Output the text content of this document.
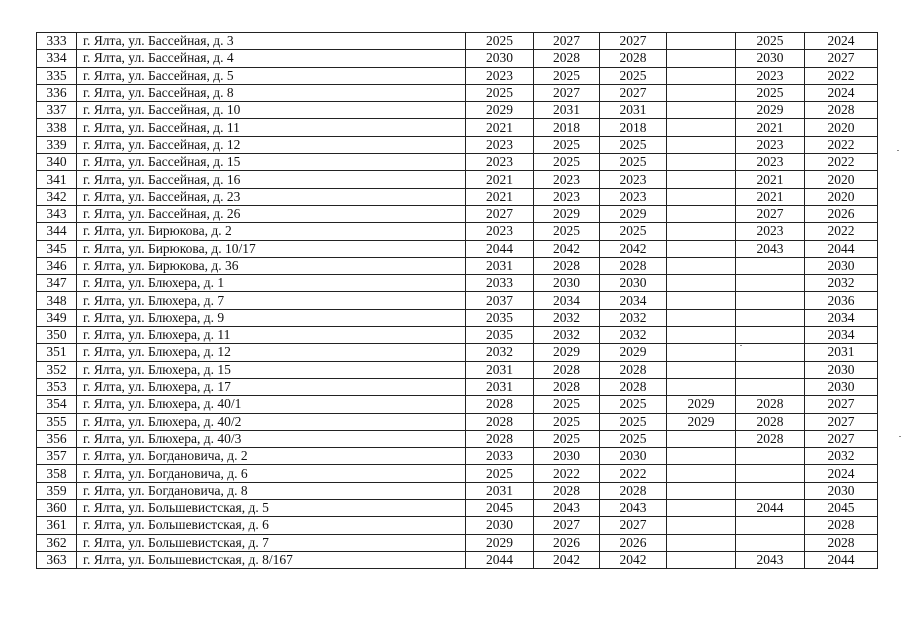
333	г. Ялта, ул. Бассейная, д. 3	2025	2027	2027		2025	2024
334	г. Ялта, ул. Бассейная, д. 4	2030	2028	2028		2030	2027
335	г. Ялта, ул. Бассейная, д. 5	2023	2025	2025		2023	2022
336	г. Ялта, ул. Бассейная, д. 8	2025	2027	2027		2025	2024
337	г. Ялта, ул. Бассейная, д. 10	2029	2031	2031		2029	2028
338	г. Ялта, ул. Бассейная, д. 11	2021	2018	2018		2021	2020
339	г. Ялта, ул. Бассейная, д. 12	2023	2025	2025		2023	2022
340	г. Ялта, ул. Бассейная, д. 15	2023	2025	2025		2023	2022
341	г. Ялта, ул. Бассейная, д. 16	2021	2023	2023		2021	2020
342	г. Ялта, ул. Бассейная, д. 23	2021	2023	2023		2021	2020
343	г. Ялта, ул. Бассейная, д. 26	2027	2029	2029		2027	2026
344	г. Ялта, ул. Бирюкова, д. 2	2023	2025	2025		2023	2022
345	г. Ялта, ул. Бирюкова, д. 10/17	2044	2042	2042		2043	2044
346	г. Ялта, ул. Бирюкова, д. 36	2031	2028	2028			2030
347	г. Ялта, ул. Блюхера, д. 1	2033	2030	2030			2032
348	г. Ялта, ул. Блюхера, д. 7	2037	2034	2034			2036
349	г. Ялта, ул. Блюхера, д. 9	2035	2032	2032			2034
350	г. Ялта, ул. Блюхера, д. 11	2035	2032	2032			2034
351	г. Ялта, ул. Блюхера, д. 12	2032	2029	2029			2031
352	г. Ялта, ул. Блюхера, д. 15	2031	2028	2028			2030
353	г. Ялта, ул. Блюхера, д. 17	2031	2028	2028			2030
354	г. Ялта, ул. Блюхера, д. 40/1	2028	2025	2025	2029	2028	2027
355	г. Ялта, ул. Блюхера, д. 40/2	2028	2025	2025	2029	2028	2027
356	г. Ялта, ул. Блюхера, д. 40/3	2028	2025	2025		2028	2027
357	г. Ялта, ул. Богдановича, д. 2	2033	2030	2030			2032
358	г. Ялта, ул. Богдановича, д. 6	2025	2022	2022			2024
359	г. Ялта, ул. Богдановича, д. 8	2031	2028	2028			2030
360	г. Ялта, ул. Большевистская, д. 5	2045	2043	2043		2044	2045
361	г. Ялта, ул. Большевистская, д. 6	2030	2027	2027			2028
362	г. Ялта, ул. Большевистская, д. 7	2029	2026	2026			2028
363	г. Ялта, ул. Большевистская, д. 8/167	2044	2042	2042		2043	2044
